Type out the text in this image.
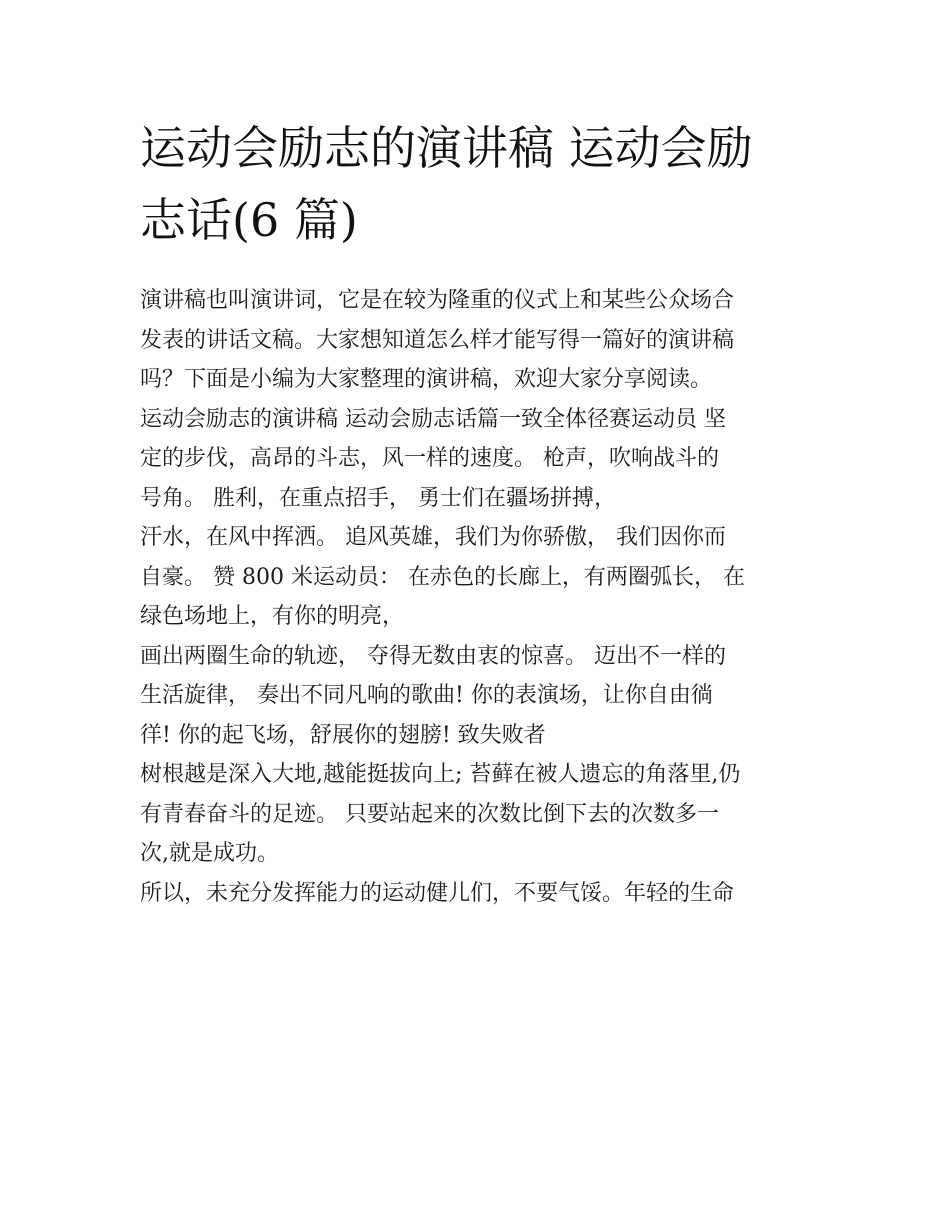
运动会励志的演讲稿 运动会励
志话(6 篇)
演讲稿也叫演讲词，它是在较为隆重的仪式上和某些公众场合
发表的讲话文稿。大家想知道怎么样才能写得一篇好的演讲稿
吗？下面是小编为大家整理的演讲稿，欢迎大家分享阅读。
运动会励志的演讲稿 运动会励志话篇一致全体径赛运动员 坚
定的步伐，高昂的斗志，风一样的速度。 枪声，吹响战斗的
号角。 胜利，在重点招手， 勇士们在疆场拼搏，
汗水，在风中挥洒。 追风英雄，我们为你骄傲， 我们因你而
自豪。 赞 800 米运动员： 在赤色的长廊上，有两圈弧长， 在
绿色场地上，有你的明亮，
画出两圈生命的轨迹， 夺得无数由衷的惊喜。 迈出不一样的
生活旋律， 奏出不同凡响的歌曲! 你的表演场，让你自由徜
徉! 你的起飞场，舒展你的翅膀! 致失败者
树根越是深入大地,越能挺拔向上; 苔藓在被人遗忘的角落里,仍
有青春奋斗的足迹。 只要站起来的次数比倒下去的次数多一
次,就是成功。
所以，未充分发挥能力的运动健儿们，不要气馁。年轻的生命
